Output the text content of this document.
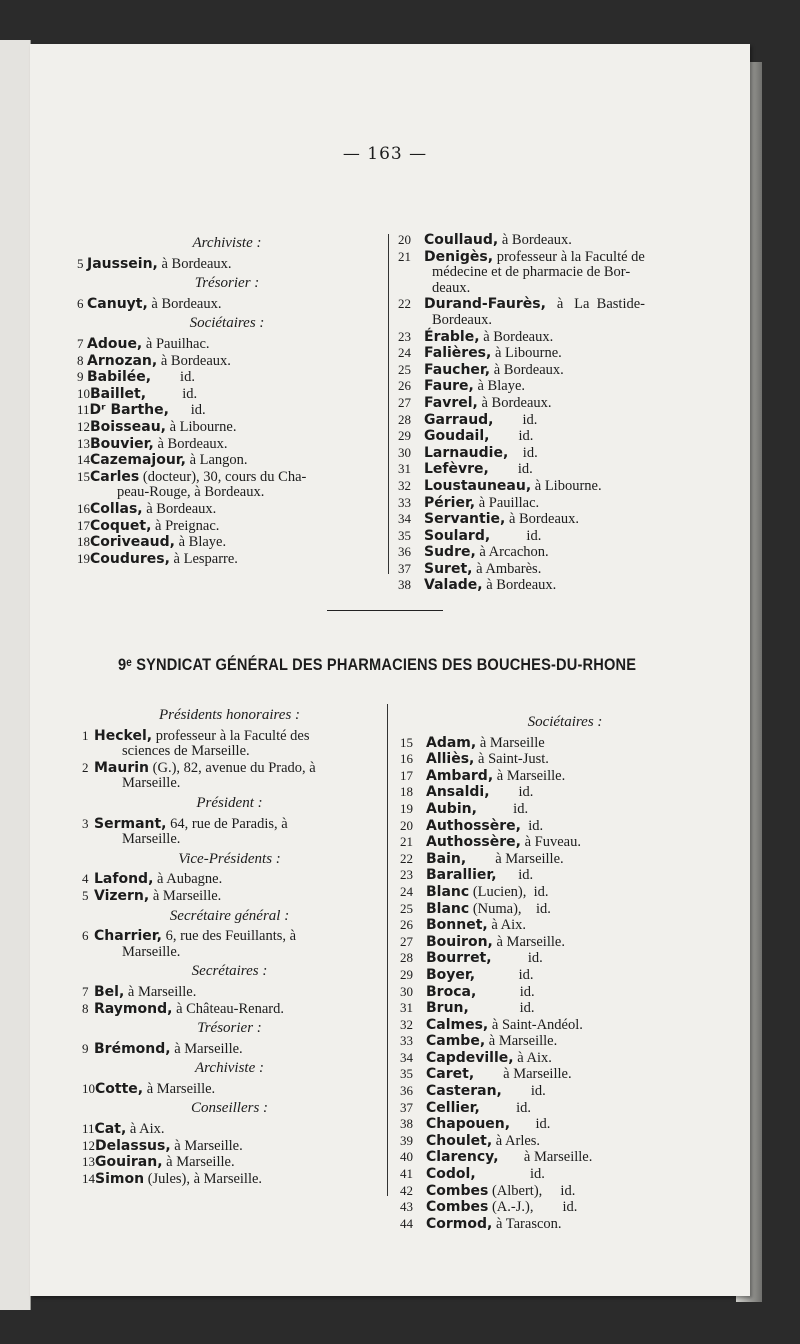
— 163 —
Archiviste :
5 Jaussein, à Bordeaux.
Trésorier :
6 Canuyt, à Bordeaux.
Sociétaires :
7 Adoue, à Pauilhac.
8 Arnozan, à Bordeaux.
9 Babilée,        id.
10Baillet,          id.
11Dʳ Barthe,      id.
12Boisseau, à Libourne.
13Bouvier, à Bordeaux.
14Cazemajour, à Langon.
15Carles (docteur), 30, cours du Cha-
peau-Rouge, à Bordeaux.
16Collas, à Bordeaux.
17Coquet, à Preignac.
18Coriveaud, à Blaye.
19Coudures, à Lesparre.
20 Coullaud, à Bordeaux.
21 Denigès, professeur à la Faculté de
médecine et de pharmacie de Bor-
deaux.
22 Durand-Faurès,   à   La  Bastide-
Bordeaux.
23 Érable, à Bordeaux.
24 Falières, à Libourne.
25 Faucher, à Bordeaux.
26 Faure, à Blaye.
27 Favrel, à Bordeaux.
28 Garraud,        id.
29 Goudail,        id.
30 Larnaudie,    id.
31 Lefèvre,        id.
32 Loustauneau, à Libourne.
33 Périer, à Pauillac.
34 Servantie, à Bordeaux.
35 Soulard,          id.
36 Sudre, à Arcachon.
37 Suret, à Ambarès.
38 Valade, à Bordeaux.
9ᵉ SYNDICAT GÉNÉRAL DES PHARMACIENS DES BOUCHES-DU-RHONE
Présidents honoraires :
1 Heckel, professeur à la Faculté des
sciences de Marseille.
2 Maurin (G.), 82, avenue du Prado, à
Marseille.
Président :
3 Sermant, 64, rue de Paradis, à
Marseille.
Vice-Présidents :
4 Lafond, à Aubagne.
5 Vizern, à Marseille.
Secrétaire général :
6 Charrier, 6, rue des Feuillants, à
Marseille.
Secrétaires :
7 Bel, à Marseille.
8 Raymond, à Château-Renard.
Trésorier :
9 Brémond, à Marseille.
Archiviste :
10Cotte, à Marseille.
Conseillers :
11Cat, à Aix.
12Delassus, à Marseille.
13Gouiran, à Marseille.
14Simon (Jules), à Marseille.
Sociétaires :
15 Adam, à Marseille
16 Alliès, à Saint-Just.
17 Ambard, à Marseille.
18 Ansaldi,        id.
19 Aubin,          id.
20 Authossère,  id.
21 Authossère, à Fuveau.
22 Bain,        à Marseille.
23 Barallier,      id.
24 Blanc (Lucien),  id.
25 Blanc (Numa),    id.
26 Bonnet, à Aix.
27 Bouiron, à Marseille.
28 Bourret,          id.
29 Boyer,            id.
30 Broca,            id.
31 Brun,              id.
32 Calmes, à Saint-Andéol.
33 Cambe, à Marseille.
34 Capdeville, à Aix.
35 Caret,        à Marseille.
36 Casteran,        id.
37 Cellier,          id.
38 Chapouen,       id.
39 Choulet, à Arles.
40 Clarency,       à Marseille.
41 Codol,               id.
42 Combes (Albert),     id.
43 Combes (A.-J.),        id.
44 Cormod, à Tarascon.
